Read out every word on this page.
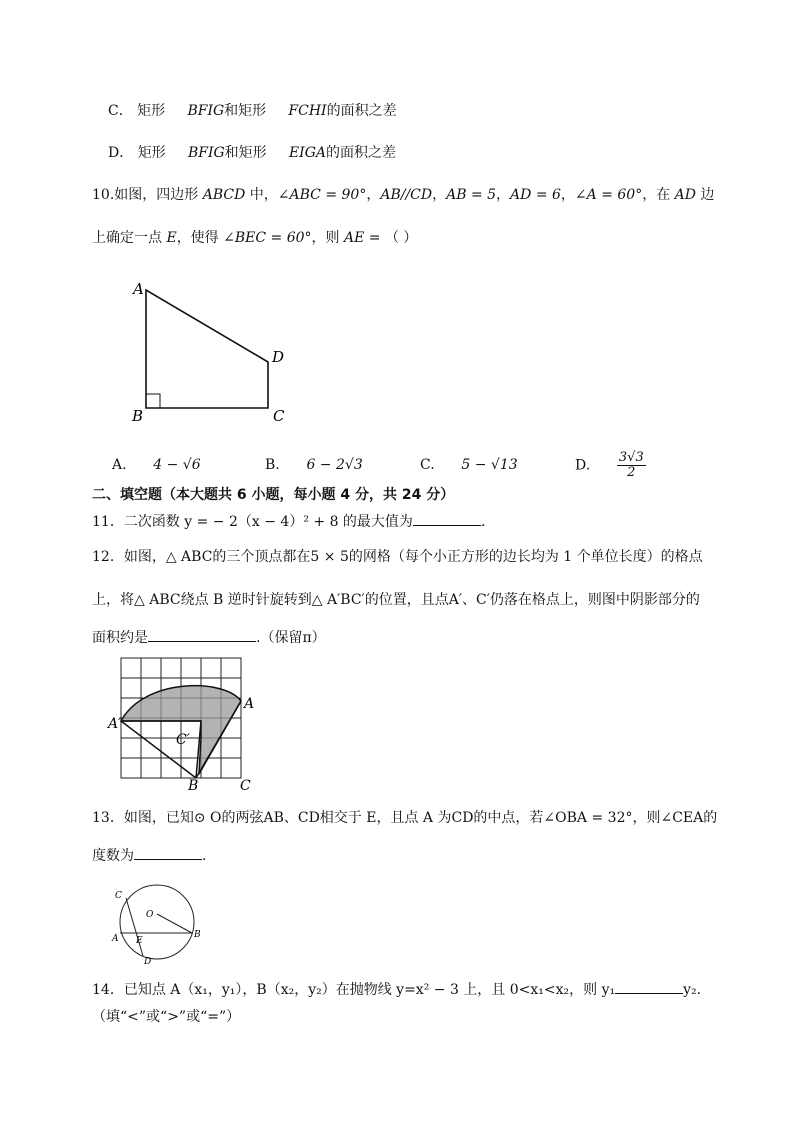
C． 矩形 BFIG和矩形 FCHI的面积之差
D． 矩形 BFIG和矩形 EIGA的面积之差
10.如图，四边形 ABCD 中，∠ABC = 90°，AB//CD，AB = 5，AD = 6，∠A = 60°，在 AD 边
上确定一点 E，使得 ∠BEC = 60°，则 AE = （ ）
A
B	C
D
A. 4 − √6	B. 6 − 2√3	C. 5 − √13	D. $\frac{3√3}{2}$
二、填空题（本大题共 6 小题，每小题 4 分，共 24 分）
11．二次函数 y = − 2（x − 4）² + 8 的最大值为	.
12．如图，△ ABC的三个顶点都在5 × 5的网格（每个小正方形的边长均为 1 个单位长度）的格点
上，将△ ABC绕点 B 逆时针旋转到△ A′BC′的位置，且点A′、C′仍落在格点上，则图中阴影部分的
面积约是	.（保留π）
A
A′
C′
B	C
13．如图，已知⊙ O的两弦AB、CD相交于 E，且点 A 为CD的中点，若∠OBA = 32°，则∠CEA的
度数为	.
O
C
A E
B
D
14．已知点 A（x₁，y₁），B（x₂，y₂）在抛物线 y=x² − 3 上，且 0<x₁<x₂，则 y₁	y₂.
（填“<”或“>”或“=”）
